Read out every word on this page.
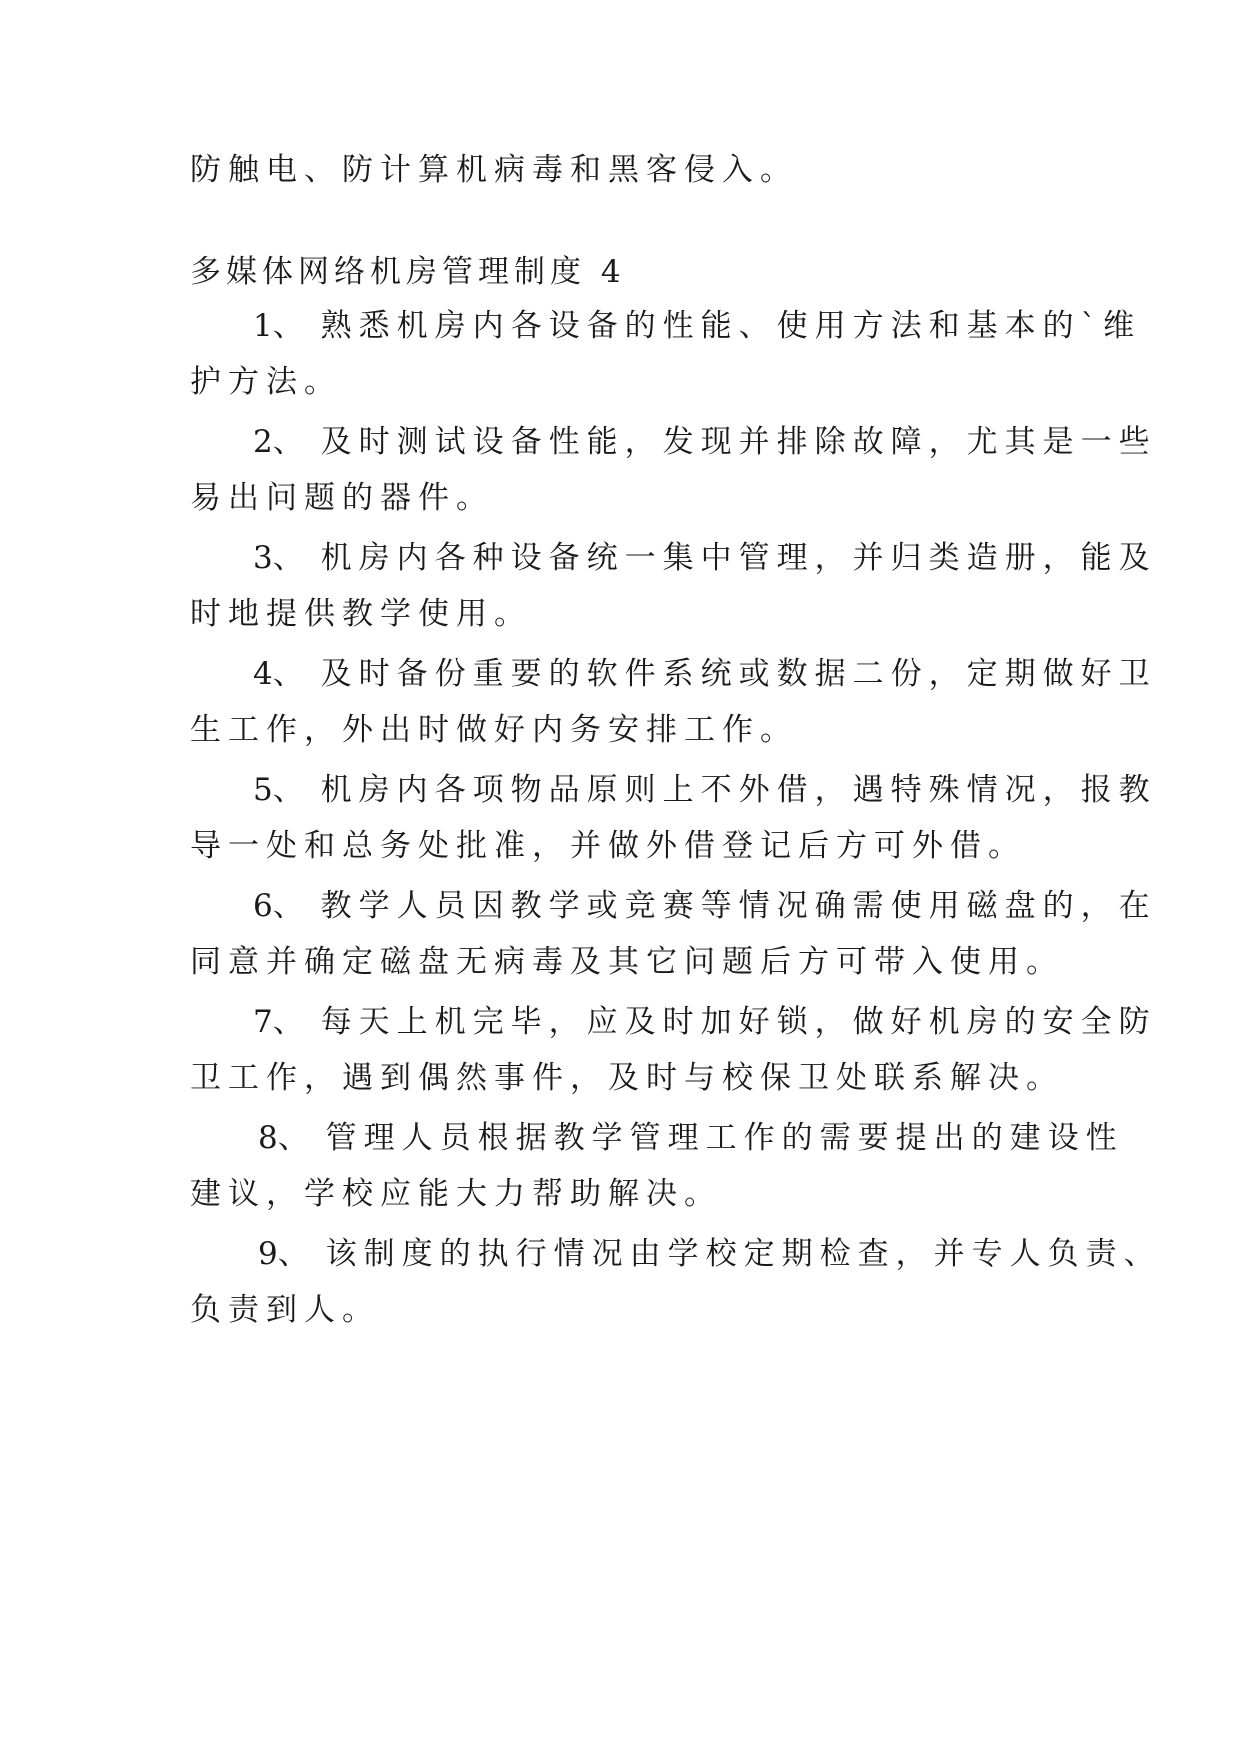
防触电、防计算机病毒和黑客侵入。
多媒体网络机房管理制度 4
1、 熟悉机房内各设备的性能、使用方法和基本的`维
护方法。
2、 及时测试设备性能，发现并排除故障，尤其是一些
易出问题的器件。
3、 机房内各种设备统一集中管理，并归类造册，能及
时地提供教学使用。
4、 及时备份重要的软件系统或数据二份，定期做好卫
生工作，外出时做好内务安排工作。
5、 机房内各项物品原则上不外借，遇特殊情况，报教
导一处和总务处批准，并做外借登记后方可外借。
6、 教学人员因教学或竞赛等情况确需使用磁盘的，在
同意并确定磁盘无病毒及其它问题后方可带入使用。
7、 每天上机完毕，应及时加好锁，做好机房的安全防
卫工作，遇到偶然事件，及时与校保卫处联系解决。
8、 管理人员根据教学管理工作的需要提出的建设性
建议，学校应能大力帮助解决。
9、 该制度的执行情况由学校定期检查，并专人负责、
负责到人。
